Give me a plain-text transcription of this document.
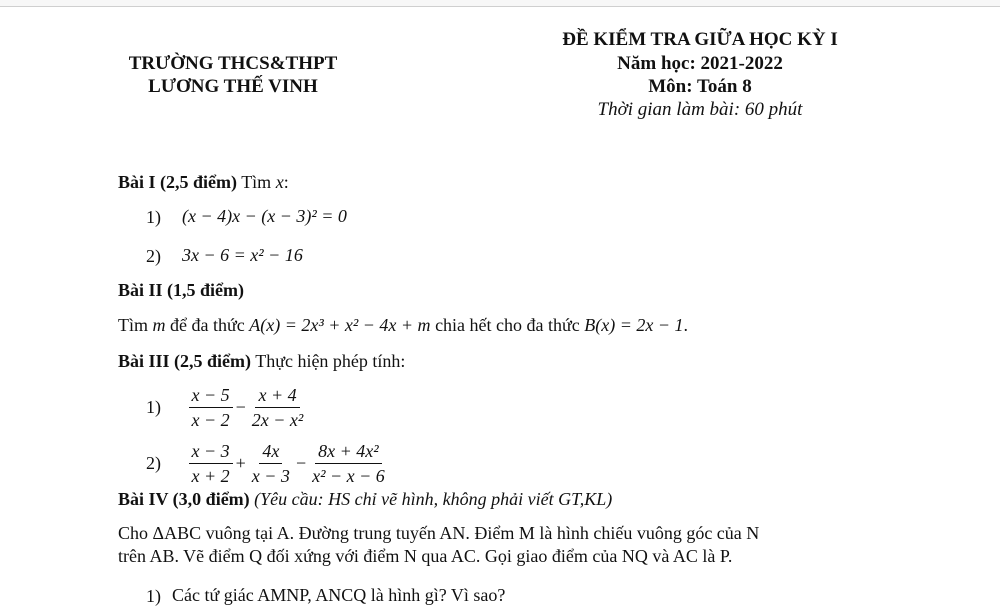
ĐỀ KIỂM TRA GIỮA HỌC KỲ I
TRƯỜNG THCS&THPT	Năm học: 2021-2022
LƯƠNG THẾ VINH	Môn: Toán 8
Thời gian làm bài: 60 phút
Bài I (2,5 điểm) Tìm x:
1) (x − 4)x − (x − 3)² = 0
2) 3x − 6 = x² − 16
Bài II (1,5 điểm)
Tìm m để đa thức A(x) = 2x³ + x² − 4x + m chia hết cho đa thức B(x) = 2x − 1.
Bài III (2,5 điểm) Thực hiện phép tính:
$1) \frac{x - 5}{x - 2} - \frac{x + 4}{\text{2x − x²}}$
$2) \frac{x - 3}{x + 2} + \frac{4x}{x - 3} - \frac{\text{8x + 4x²}}{\text{x² − x − 6}}$
Bài IV (3,0 điểm) (Yêu cầu: HS chỉ vẽ hình, không phải viết GT,KL)
Cho ΔABC vuông tại A. Đường trung tuyến AN. Điểm M là hình chiếu vuông góc của N
trên AB. Vẽ điểm Q đối xứng với điểm N qua AC. Gọi giao điểm của NQ và AC là P.
1) Các tứ giác AMNP, ANCQ là hình gì? Vì sao?
